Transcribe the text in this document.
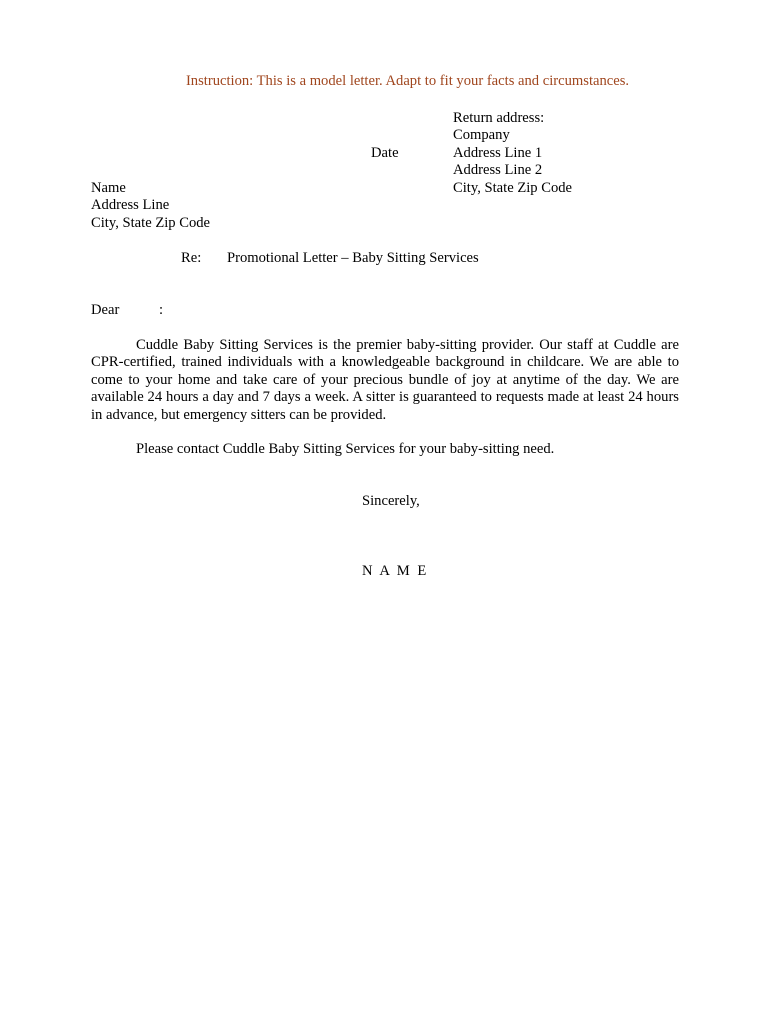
Instruction: This is a model letter. Adapt to fit your facts and circumstances.
Return address:
Company
Address Line 1
Address Line 2
City, State Zip Code
Date
Name
Address Line
City, State Zip Code
Re: Promotional Letter – Baby Sitting Services
Dear	:
Cuddle Baby Sitting Services is the premier baby-sitting provider. Our staff at Cuddle are CPR-certified, trained individuals with a knowledgeable background in childcare. We are able to come to your home and take care of your precious bundle of joy at anytime of the day. We are available 24 hours a day and 7 days a week. A sitter is guaranteed to requests made at least 24 hours in advance, but emergency sitters can be provided.
Please contact Cuddle Baby Sitting Services for your baby-sitting need.
Sincerely,
N A M E
